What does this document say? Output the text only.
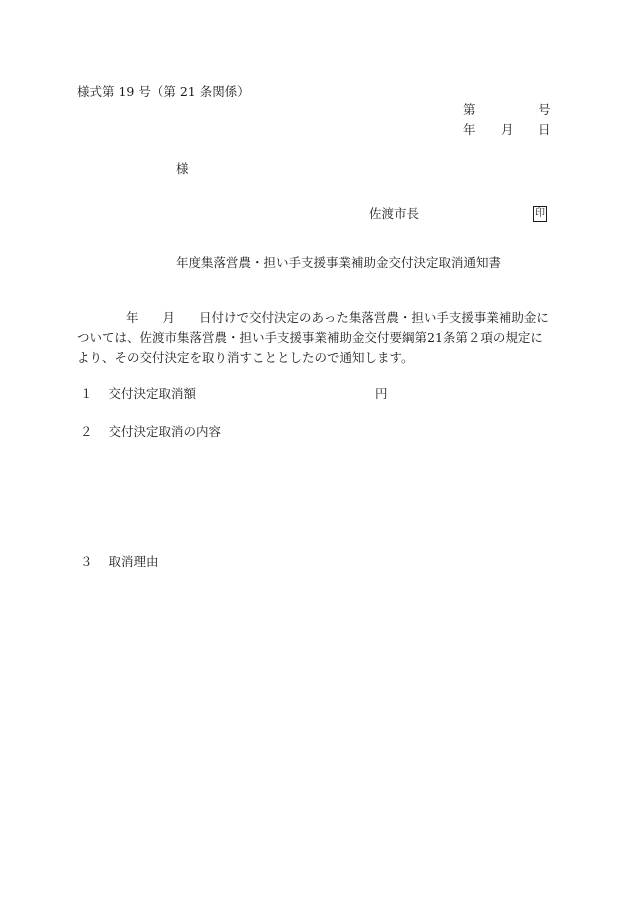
様式第 19 号（第 21 条関係）
第	号
年 月 日
様
佐渡市長	印
年度集落営農・担い手支援事業補助金交付決定取消通知書
年 月 日付けで交付決定のあった集落営農・担い手支援事業補助金については、佐渡市集落営農・担い手支援事業補助金交付要綱第21条第２項の規定により、その交付決定を取り消すこととしたので通知します。
１ 交付決定取消額	円
２ 交付決定取消の内容
３ 取消理由
